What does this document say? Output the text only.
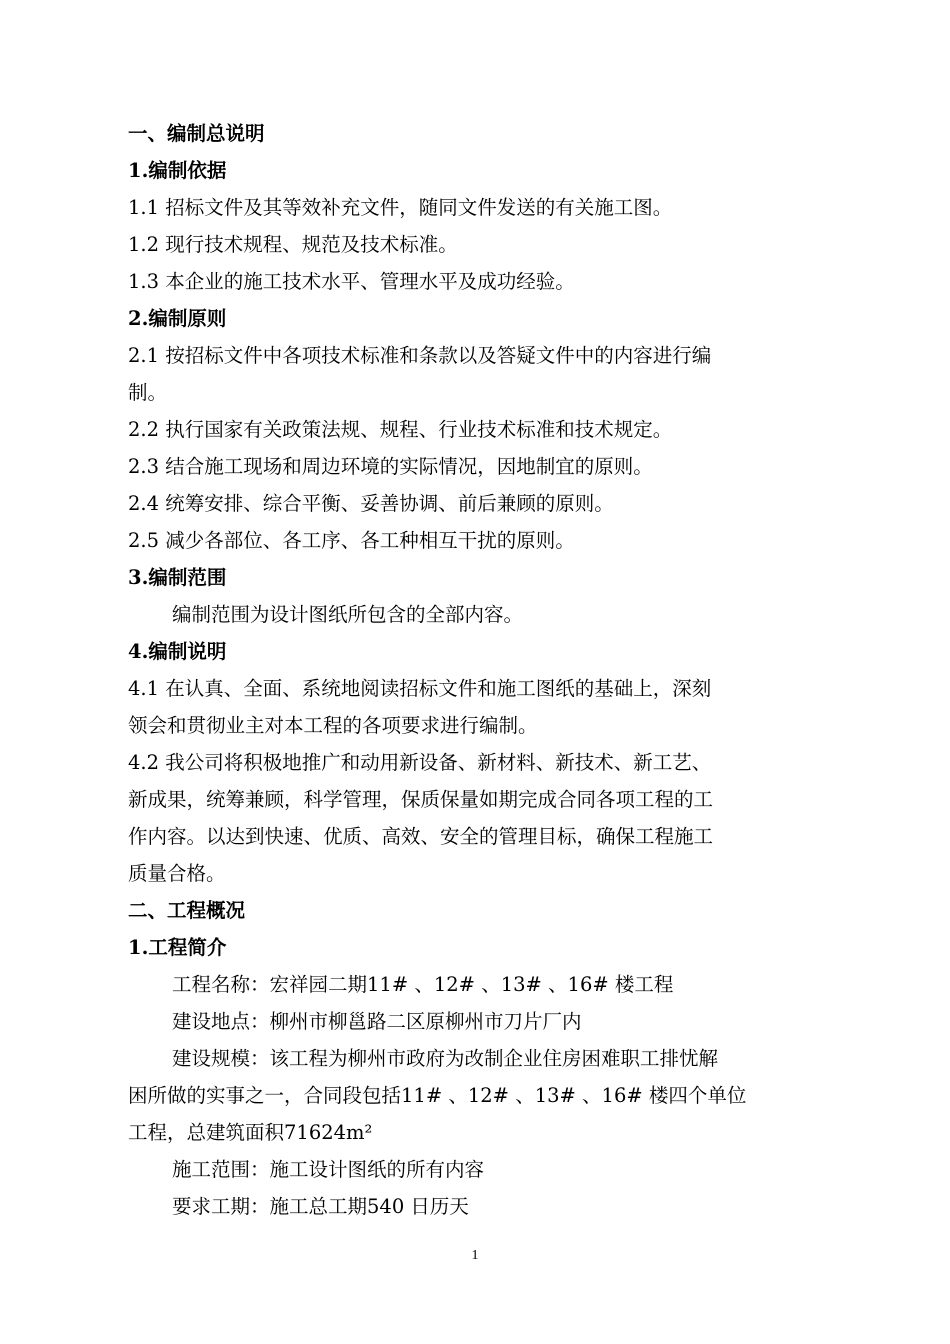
一、编制总说明
1.编制依据
1.1 招标文件及其等效补充文件，随同文件发送的有关施工图。
1.2 现行技术规程、规范及技术标准。
1.3 本企业的施工技术水平、管理水平及成功经验。
2.编制原则
2.1 按招标文件中各项技术标准和条款以及答疑文件中的内容进行编
制。
2.2 执行国家有关政策法规、规程、行业技术标准和技术规定。
2.3 结合施工现场和周边环境的实际情况，因地制宜的原则。
2.4 统筹安排、综合平衡、妥善协调、前后兼顾的原则。
2.5 减少各部位、各工序、各工种相互干扰的原则。
3.编制范围
编制范围为设计图纸所包含的全部内容。
4.编制说明
4.1 在认真、全面、系统地阅读招标文件和施工图纸的基础上，深刻
领会和贯彻业主对本工程的各项要求进行编制。
4.2 我公司将积极地推广和动用新设备、新材料、新技术、新工艺、
新成果，统筹兼顾，科学管理，保质保量如期完成合同各项工程的工
作内容。以达到快速、优质、高效、安全的管理目标，确保工程施工
质量合格。
二、工程概况
1.工程简介
工程名称：宏祥园二期11# 、12# 、13# 、16# 楼工程
建设地点：柳州市柳邕路二区原柳州市刀片厂内
建设规模：该工程为柳州市政府为改制企业住房困难职工排忧解
困所做的实事之一，合同段包括11# 、12# 、13# 、16# 楼四个单位
工程，总建筑面积71624m²
施工范围：施工设计图纸的所有内容
要求工期：施工总工期540 日历天
1
